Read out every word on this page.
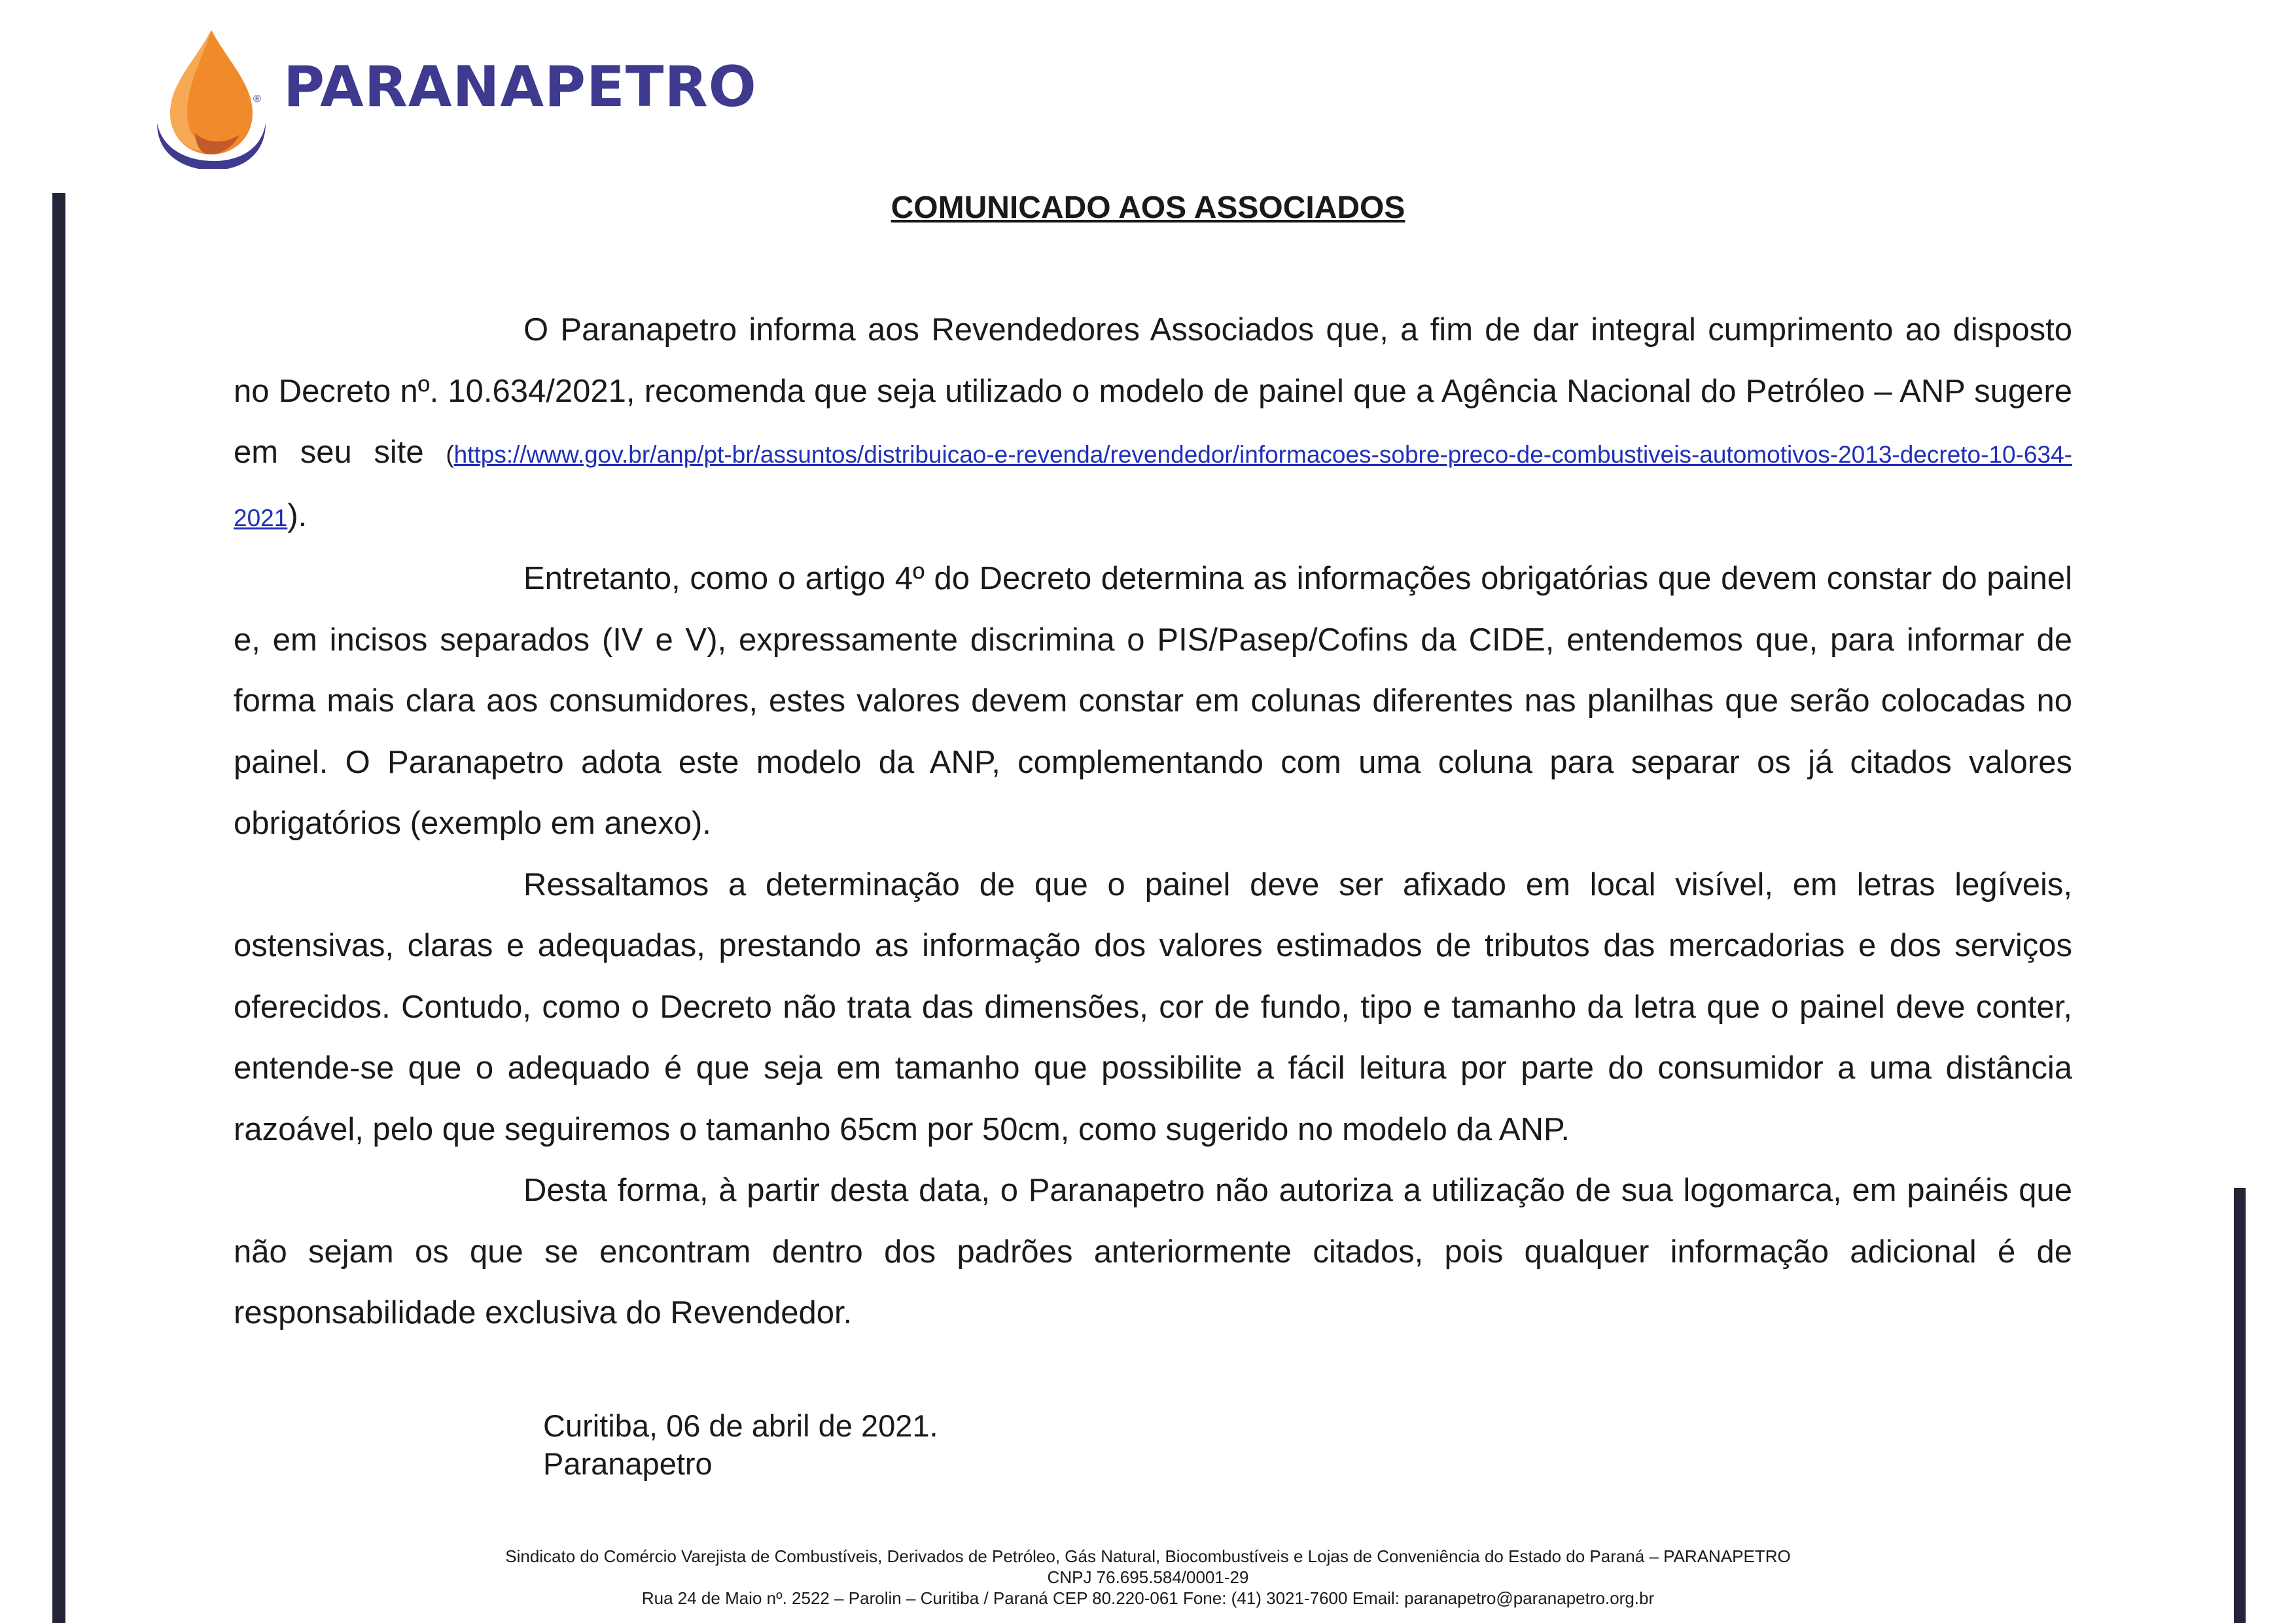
® PARANAPETRO
COMUNICADO AOS ASSOCIADOS

O Paranapetro informa aos Revendedores Associados que, a fim de dar integral cumprimento ao disposto no Decreto nº. 10.634/2021, recomenda que seja utilizado o modelo de painel que a Agência Nacional do Petróleo – ANP sugere em seu site (https://www.gov.br/anp/pt-br/assuntos/distribuicao-e-revenda/revendedor/informacoes-sobre-preco-de-combustiveis-automotivos-2013-decreto-10-634-2021).

Entretanto, como o artigo 4º do Decreto determina as informações obrigatórias que devem constar do painel e, em incisos separados (IV e V), expressamente discrimina o PIS/Pasep/Cofins da CIDE, entendemos que, para informar de forma mais clara aos consumidores, estes valores devem constar em colunas diferentes nas planilhas que serão colocadas no painel. O Paranapetro adota este modelo da ANP, complementando com uma coluna para separar os já citados valores obrigatórios (exemplo em anexo).

Ressaltamos a determinação de que o painel deve ser afixado em local visível, em letras legíveis, ostensivas, claras e adequadas, prestando as informação dos valores estimados de tributos das mercadorias e dos serviços oferecidos. Contudo, como o Decreto não trata das dimensões, cor de fundo, tipo e tamanho da letra que o painel deve conter, entende-se que o adequado é que seja em tamanho que possibilite a fácil leitura por parte do consumidor a uma distância razoável, pelo que seguiremos o tamanho 65cm por 50cm, como sugerido no modelo da ANP.

Desta forma, à partir desta data, o Paranapetro não autoriza a utilização de sua logomarca, em painéis que não sejam os que se encontram dentro dos padrões anteriormente citados, pois qualquer informação adicional é de responsabilidade exclusiva do Revendedor.

Curitiba, 06 de abril de 2021.
Paranapetro
Sindicato do Comércio Varejista de Combustíveis, Derivados de Petróleo, Gás Natural, Biocombustíveis e Lojas de Conveniência do Estado do Paraná – PARANAPETRO
CNPJ 76.695.584/0001-29
Rua 24 de Maio nº. 2522 – Parolin – Curitiba / Paraná CEP 80.220-061 Fone: (41) 3021-7600 Email: paranapetro@paranapetro.org.br
